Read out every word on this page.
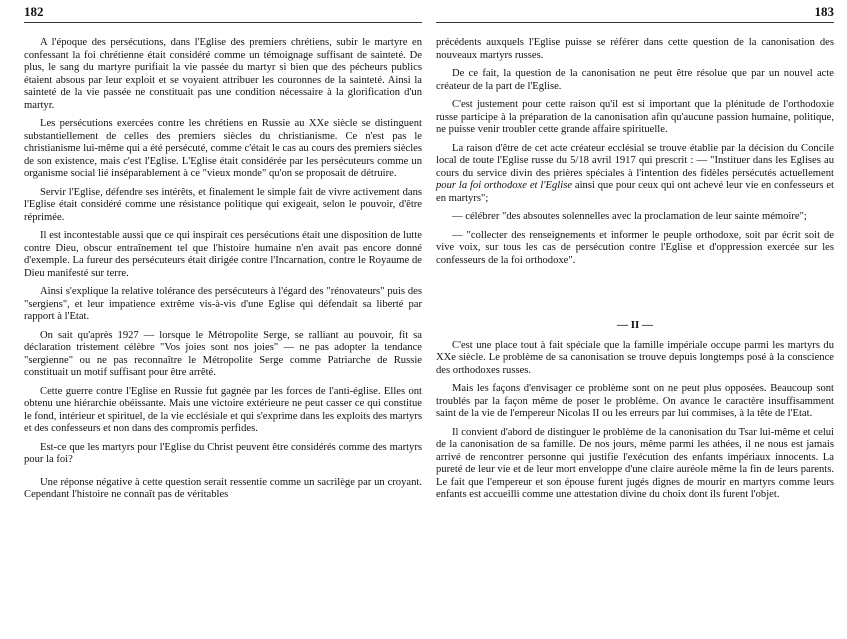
182

A l'époque des persécutions, dans l'Eglise des premiers chrétiens, subir le martyre en confessant la foi chrétienne était considéré comme un témoignage suffisant de sainteté. De plus, le sang du martyre purifiait la vie passée du martyr si bien que des pécheurs publics étaient absous par leur exploit et se voyaient attribuer les couronnes de la sainteté. Ainsi la sainteté de la vie passée ne constituait pas une condition nécessaire à la glorification d'un martyr.

Les persécutions exercées contre les chrétiens en Russie au XXe siècle se distinguent substantiellement de celles des premiers siècles du christianisme. Ce n'est pas le christianisme lui-même qui a été persécuté, comme c'était le cas au cours des premiers siècles de son existence, mais c'est l'Eglise. L'Eglise était considérée par les persécuteurs comme un organisme social lié inséparablement à ce "vieux monde" qu'on se proposait de détruire.

Servir l'Eglise, défendre ses intérêts, et finalement le simple fait de vivre activement dans l'Eglise était considéré comme une résistance politique qui exigeait, selon le pouvoir, d'être réprimée.

Il est incontestable aussi que ce qui inspirait ces persécutions était une disposition de lutte contre Dieu, obscur entraînement tel que l'histoire humaine n'en avait pas encore donné d'exemple. La fureur des persécuteurs était dirigée contre l'Incarnation, contre le Royaume de Dieu manifesté sur terre.

Ainsi s'explique la relative tolérance des persécuteurs à l'égard des "rénovateurs" puis des "sergiens", et leur impatience extrême vis-à-vis d'une Eglise qui défendait sa liberté par rapport à l'Etat.

On sait qu'après 1927 — lorsque le Métropolite Serge, se ralliant au pouvoir, fit sa déclaration tristement célèbre "Vos joies sont nos joies" — ne pas adopter la tendance "sergienne" ou ne pas reconnaître le Métropolite Serge comme Patriarche de Russie constituait un motif suffisant pour être arrêté.

Cette guerre contre l'Eglise en Russie fut gagnée par les forces de l'anti-église. Elles ont obtenu une hiérarchie obéissante. Mais une victoire extérieure ne peut casser ce qui constitue le fond, intérieur et spirituel, de la vie ecclésiale et qui s'exprime dans les exploits des martyrs et des confesseurs et non dans des compromis perfides.

Est-ce que les martyrs pour l'Eglise du Christ peuvent être considérés comme des martyrs pour la foi?

Une réponse négative à cette question serait ressentie comme un sacrilège par un croyant. Cependant l'histoire ne connaît pas de véritables

183

précédents auxquels l'Eglise puisse se référer dans cette question de la canonisation des nouveaux martyrs russes.

De ce fait, la question de la canonisation ne peut être résolue que par un nouvel acte créateur de la part de l'Eglise.

C'est justement pour cette raison qu'il est si important que la plénitude de l'orthodoxie russe participe à la préparation de la canonisation afin qu'aucune passion humaine, politique, ne puisse venir troubler cette grande affaire spirituelle.

La raison d'être de cet acte créateur ecclésial se trouve établie par la décision du Concile local de toute l'Eglise russe du 5/18 avril 1917 qui prescrit : — "Instituer dans les Eglises au cours du service divin des prières spéciales à l'intention des fidèles persécutés actuellement pour la foi orthodoxe et l'Eglise ainsi que pour ceux qui ont achevé leur vie en confesseurs et en martyrs";

— célébrer "des absoutes solennelles avec la proclamation de leur sainte mémoire";

— "collecter des renseignements et informer le peuple orthodoxe, soit par écrit soit de vive voix, sur tous les cas de persécution contre l'Eglise et d'oppression exercée sur les confesseurs de la foi orthodoxe".

— II —

C'est une place tout à fait spéciale que la famille impériale occupe parmi les martyrs du XXe siècle. Le problème de sa canonisation se trouve depuis longtemps posé à la conscience des orthodoxes russes.

Mais les façons d'envisager ce problème sont on ne peut plus opposées. Beaucoup sont troublés par la façon même de poser le problème. On avance le caractère insuffisamment saint de la vie de l'empereur Nicolas II ou les erreurs par lui commises, à la tête de l'Etat.

Il convient d'abord de distinguer le problème de la canonisation du Tsar lui-même et celui de la canonisation de sa famille. De nos jours, même parmi les athées, il ne nous est jamais arrivé de rencontrer personne qui justifie l'exécution des enfants impériaux innocents. La pureté de leur vie et de leur mort enveloppe d'une claire auréole même la fin de leurs parents. Le fait que l'empereur et son épouse furent jugés dignes de mourir en martyrs comme leurs enfants est accueilli comme une attestation divine du choix dont ils furent l'objet.
